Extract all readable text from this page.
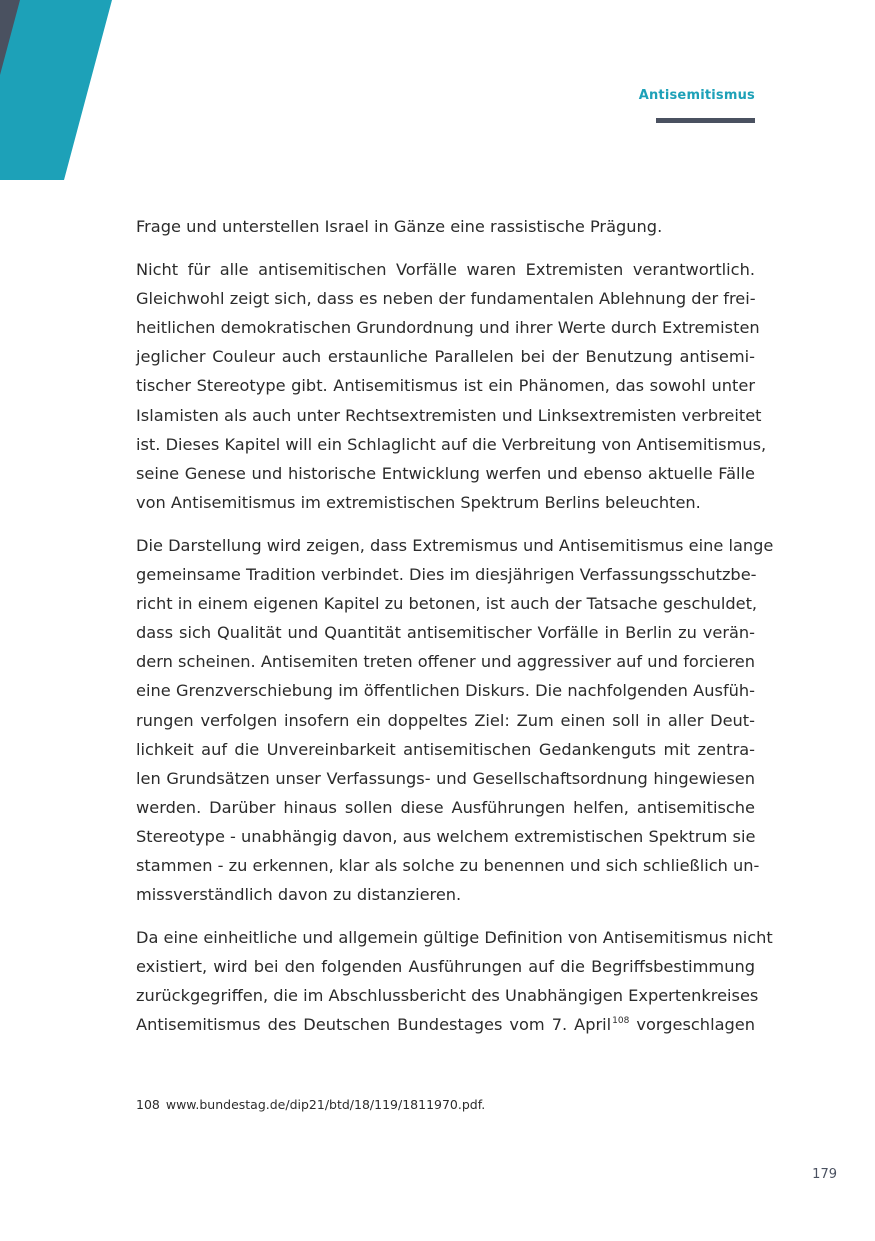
Antisemitismus
Frage und unterstellen Israel in Gänze eine rassistische Prägung.
Nicht für alle antisemitischen Vorfälle waren Extremisten verantwortlich.
Gleichwohl zeigt sich, dass es neben der fundamentalen Ablehnung der frei-
heitlichen demokratischen Grundordnung und ihrer Werte durch Extremisten
jeglicher Couleur auch erstaunliche Parallelen bei der Benutzung antisemi-
tischer Stereotype gibt. Antisemitismus ist ein Phänomen, das sowohl unter
Islamisten als auch unter Rechtsextremisten und Linksextremisten verbreitet
ist. Dieses Kapitel will ein Schlaglicht auf die Verbreitung von Antisemitismus,
seine Genese und historische Entwicklung werfen und ebenso aktuelle Fälle
von Antisemitismus im extremistischen Spektrum Berlins beleuchten.
Die Darstellung wird zeigen, dass Extremismus und Antisemitismus eine lange
gemeinsame Tradition verbindet. Dies im diesjährigen Verfassungsschutzbe-
richt in einem eigenen Kapitel zu betonen, ist auch der Tatsache geschuldet,
dass sich Qualität und Quantität antisemitischer Vorfälle in Berlin zu verän-
dern scheinen. Antisemiten treten offener und aggressiver auf und forcieren
eine Grenzverschiebung im öffentlichen Diskurs. Die nachfolgenden Ausfüh-
rungen verfolgen insofern ein doppeltes Ziel: Zum einen soll in aller Deut-
lichkeit auf die Unvereinbarkeit antisemitischen Gedankenguts mit zentra-
len Grundsätzen unser Verfassungs- und Gesellschaftsordnung hingewiesen
werden. Darüber hinaus sollen diese Ausführungen helfen, antisemitische
Stereotype - unabhängig davon, aus welchem extremistischen Spektrum sie
stammen - zu erkennen, klar als solche zu benennen und sich schließlich un-
missverständlich davon zu distanzieren.
Da eine einheitliche und allgemein gültige Definition von Antisemitismus nicht
existiert, wird bei den folgenden Ausführungen auf die Begriffsbestimmung
zurückgegriffen, die im Abschlussbericht des Unabhängigen Expertenkreises
Antisemitismus des Deutschen Bundestages vom 7. April$^{108}$ vorgeschlagen
108 www.bundestag.de/dip21/btd/18/119/1811970.pdf.
179
